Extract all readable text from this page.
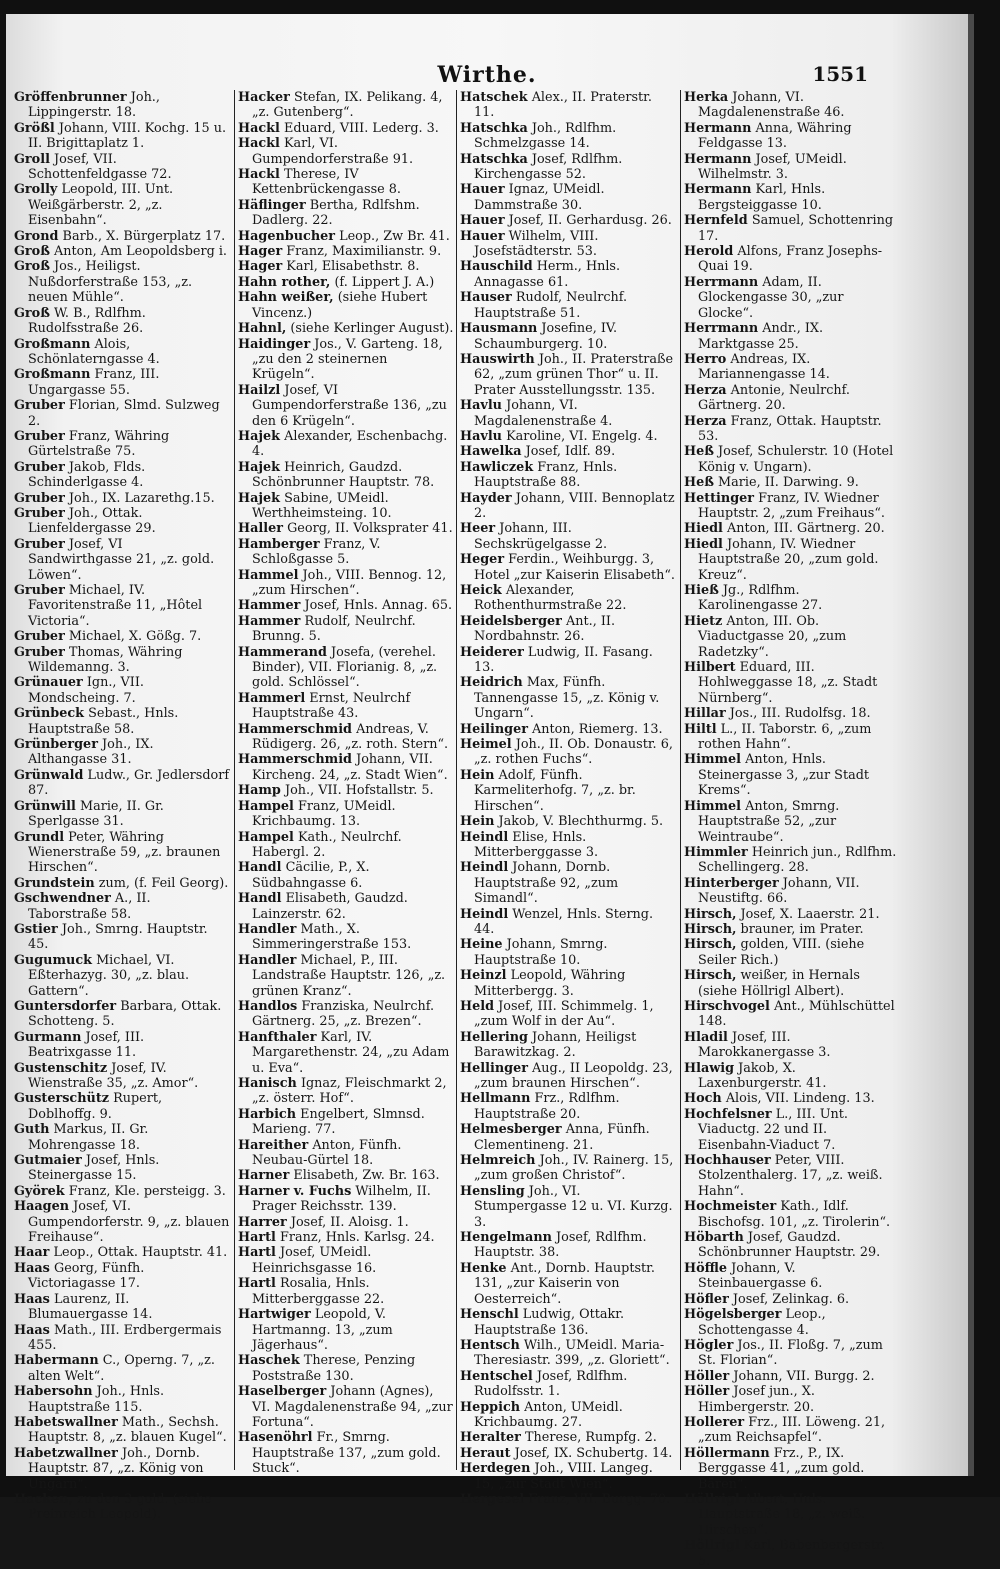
Wirthe.	1551

Gröffenbrunner Joh., Lippingerstr. 18.

Größl Johann, VIII. Kochg. 15 u. II. Brigittaplatz 1.

Groll Josef, VII. Schottenfeldgasse 72.

Grolly Leopold, III. Unt. Weißgärberstr. 2, „z. Eisenbahn“.

Grond Barb., X. Bürgerplatz 17.

Groß Anton, Am Leopoldsberg i.

Groß Jos., Heiligst. Nußdorferstraße 153, „z. neuen Mühle“.

Groß W. B., Rdlfhm. Rudolfsstraße 26.

Großmann Alois, Schönlaterngasse 4.

Großmann Franz, III. Ungargasse 55.

Gruber Florian, Slmd. Sulzweg 2.

Gruber Franz, Währing Gürtelstraße 75.

Gruber Jakob, Flds. Schinderlgasse 4.

Gruber Joh., IX. Lazarethg.15.

Gruber Joh., Ottak. Lienfeldergasse 29.

Gruber Josef, VI Sandwirthgasse 21, „z. gold. Löwen“.

Gruber Michael, IV. Favoritenstraße 11, „Hôtel Victoria“.

Gruber Michael, X. Gößg. 7.

Gruber Thomas, Währing Wildemanng. 3.

Grünauer Ign., VII. Mondscheing. 7.

Grünbeck Sebast., Hnls. Hauptstraße 58.

Grünberger Joh., IX. Althangasse 31.

Grünwald Ludw., Gr. Jedlersdorf 87.

Grünwill Marie, II. Gr. Sperlgasse 31.

Grundl Peter, Währing Wienerstraße 59, „z. braunen Hirschen“.

Grundstein zum, (f. Feil Georg).

Gschwendner A., II. Taborstraße 58.

Gstier Joh., Smrng. Hauptstr. 45.

Gugumuck Michael, VI. Eßterhazyg. 30, „z. blau. Gattern“.

Guntersdorfer Barbara, Ottak. Schotteng. 5.

Gurmann Josef, III. Beatrixgasse 11.

Gustenschitz Josef, IV. Wienstraße 35, „z. Amor“.

Gusterschütz Rupert, Doblhoffg. 9.

Guth Markus, II. Gr. Mohrengasse 18.

Gutmaier Josef, Hnls. Steinergasse 15.

Györek Franz, Kle. persteigg. 3.

Haagen Josef, VI. Gumpendorferstr. 9, „z. blauen Freihause“.

Haar Leop., Ottak. Hauptstr. 41.

Haas Georg, Fünfh. Victoriagasse 17.

Haas Laurenz, II. Blumauergasse 14.

Haas Math., III. Erdbergermais 455.

Habermann C., Operng. 7, „z. alten Welt“.

Habersohn Joh., Hnls. Hauptstraße 115.

Habetswallner Math., Sechsh. Hauptstr. 8, „z. blauen Kugel“.

Habetzwallner Joh., Dornb. Hauptstr. 87, „z. König von Ungarn“.

Hacken, zu den 3 gold. (siehe Preinreich Leopold).

Hacker Stefan, IX. Pelikang. 4, „z. Gutenberg“.

Hackl Eduard, VIII. Lederg. 3.

Hackl Karl, VI. Gumpendorferstraße 91.

Hackl Therese, IV Kettenbrückengasse 8.

Häflinger Bertha, Rdlfshm. Dadlerg. 22.

Hagenbucher Leop., Zw Br. 41.

Hager Franz, Maximilianstr. 9.

Hager Karl, Elisabethstr. 8.

Hahn rother, (f. Lippert J. A.)

Hahn weißer, (siehe Hubert Vincenz.)

Hahnl, (siehe Kerlinger August).

Haidinger Jos., V. Garteng. 18, „zu den 2 steinernen Krügeln“.

Hailzl Josef, VI Gumpendorferstraße 136, „zu den 6 Krügeln“.

Hajek Alexander, Eschenbachg. 4.

Hajek Heinrich, Gaudzd. Schönbrunner Hauptstr. 78.

Hajek Sabine, UMeidl. Werthheimsteing. 10.

Haller Georg, II. Volksprater 41.

Hamberger Franz, V. Schloßgasse 5.

Hammel Joh., VIII. Bennog. 12, „zum Hirschen“.

Hammer Josef, Hnls. Annag. 65.

Hammer Rudolf, Neulrchf. Brunng. 5.

Hammerand Josefa, (verehel. Binder), VII. Florianig. 8, „z. gold. Schlössel“.

Hammerl Ernst, Neulrchf Hauptstraße 43.

Hammerschmid Andreas, V. Rüdigerg. 26, „z. roth. Stern“.

Hammerschmid Johann, VII. Kircheng. 24, „z. Stadt Wien“.

Hamp Joh., VII. Hofstallstr. 5.

Hampel Franz, UMeidl. Krichbaumg. 13.

Hampel Kath., Neulrchf. Habergl. 2.

Handl Cäcilie, P., X. Südbahngasse 6.

Handl Elisabeth, Gaudzd. Lainzerstr. 62.

Handler Math., X. Simmeringerstraße 153.

Handler Michael, P., III. Landstraße Hauptstr. 126, „z. grünen Kranz“.

Handlos Franziska, Neulrchf. Gärtnerg. 25, „z. Brezen“.

Hanfthaler Karl, IV. Margarethenstr. 24, „zu Adam u. Eva“.

Hanisch Ignaz, Fleischmarkt 2, „z. österr. Hof“.

Harbich Engelbert, Slmnsd. Marieng. 77.

Hareither Anton, Fünfh. Neubau-Gürtel 18.

Harner Elisabeth, Zw. Br. 163.

Harner v. Fuchs Wilhelm, II. Prager Reichsstr. 139.

Harrer Josef, II. Aloisg. 1.

Hartl Franz, Hnls. Karlsg. 24.

Hartl Josef, UMeidl. Heinrichsgasse 16.

Hartl Rosalia, Hnls. Mitterberggasse 22.

Hartwiger Leopold, V. Hartmanng. 13, „zum Jägerhaus“.

Haschek Therese, Penzing Poststraße 130.

Haselberger Johann (Agnes), VI. Magdalenenstraße 94, „zur Fortuna“.

Hasenöhrl Fr., Smrng. Hauptstraße 137, „zum gold. Stuck“.

Hatschek Alex., II. Praterstr. 11.

Hatschka Joh., Rdlfhm. Schmelzgasse 14.

Hatschka Josef, Rdlfhm. Kirchengasse 52.

Hauer Ignaz, UMeidl. Dammstraße 30.

Hauer Josef, II. Gerhardusg. 26.

Hauer Wilhelm, VIII. Josefstädterstr. 53.

Hauschild Herm., Hnls. Annagasse 61.

Hauser Rudolf, Neulrchf. Hauptstraße 51.

Hausmann Josefine, IV. Schaumburgerg. 10.

Hauswirth Joh., II. Praterstraße 62, „zum grünen Thor“ u. II. Prater Ausstellungsstr. 135.

Havlu Johann, VI. Magdalenenstraße 4.

Havlu Karoline, VI. Engelg. 4.

Hawelka Josef, Idlf. 89.

Hawliczek Franz, Hnls. Hauptstraße 88.

Hayder Johann, VIII. Bennoplatz 2.

Heer Johann, III. Sechskrügelgasse 2.

Heger Ferdin., Weihburgg. 3, Hotel „zur Kaiserin Elisabeth“.

Heick Alexander, Rothenthurmstraße 22.

Heidelsberger Ant., II. Nordbahnstr. 26.

Heiderer Ludwig, II. Fasang. 13.

Heidrich Max, Fünfh. Tannengasse 15, „z. König v. Ungarn“.

Heilinger Anton, Riemerg. 13.

Heimel Joh., II. Ob. Donaustr. 6, „z. rothen Fuchs“.

Hein Adolf, Fünfh. Karmeliterhofg. 7, „z. br. Hirschen“.

Hein Jakob, V. Blechthurmg. 5.

Heindl Elise, Hnls. Mitterberggasse 3.

Heindl Johann, Dornb. Hauptstraße 92, „zum Simandl“.

Heindl Wenzel, Hnls. Sterng. 44.

Heine Johann, Smrng. Hauptstraße 10.

Heinzl Leopold, Währing Mitterbergg. 3.

Held Josef, III. Schimmelg. 1, „zum Wolf in der Au“.

Hellering Johann, Heiligst Barawitzkag. 2.

Hellinger Aug., II Leopoldg. 23, „zum braunen Hirschen“.

Hellmann Frz., Rdlfhm. Hauptstraße 20.

Helmesberger Anna, Fünfh. Clementineng. 21.

Helmreich Joh., IV. Rainerg. 15, „zum großen Christof“.

Hensling Joh., VI. Stumpergasse 12 u. VI. Kurzg. 3.

Hengelmann Josef, Rdlfhm. Hauptstr. 38.

Henke Ant., Dornb. Hauptstr. 131, „zur Kaiserin von Oesterreich“.

Henschl Ludwig, Ottakr. Hauptstraße 136.

Hentsch Wilh., UMeidl. Maria-Theresiastr. 399, „z. Gloriett“.

Hentschel Josef, Rdlfhm. Rudolfsstr. 1.

Heppich Anton, UMeidl. Krichbaumg. 27.

Heralter Therese, Rumpfg. 2.

Heraut Josef, IX. Schubertg. 14.

Herdegen Joh., VIII. Langeg. 15, „zur Stadt Wien“.

Hergesel Franz, VII. Burgg. 70.

Herka Johann, VI. Magdalenenstraße 46.

Hermann Anna, Währing Feldgasse 13.

Hermann Josef, UMeidl. Wilhelmstr. 3.

Hermann Karl, Hnls. Bergsteiggasse 10.

Hernfeld Samuel, Schottenring 17.

Herold Alfons, Franz Josephs-Quai 19.

Herrmann Adam, II. Glockengasse 30, „zur Glocke“.

Herrmann Andr., IX. Marktgasse 25.

Herro Andreas, IX. Mariannengasse 14.

Herza Antonie, Neulrchf. Gärtnerg. 20.

Herza Franz, Ottak. Hauptstr. 53.

Heß Josef, Schulerstr. 10 (Hotel König v. Ungarn).

Heß Marie, II. Darwing. 9.

Hettinger Franz, IV. Wiedner Hauptstr. 2, „zum Freihaus“.

Hiedl Anton, III. Gärtnerg. 20.

Hiedl Johann, IV. Wiedner Hauptstraße 20, „zum gold. Kreuz“.

Hieß Jg., Rdlfhm. Karolinengasse 27.

Hietz Anton, III. Ob. Viaductgasse 20, „zum Radetzky“.

Hilbert Eduard, III. Hohlweggasse 18, „z. Stadt Nürnberg“.

Hillar Jos., III. Rudolfsg. 18.

Hiltl L., II. Taborstr. 6, „zum rothen Hahn“.

Himmel Anton, Hnls. Steinergasse 3, „zur Stadt Krems“.

Himmel Anton, Smrng. Hauptstraße 52, „zur Weintraube“.

Himmler Heinrich jun., Rdlfhm. Schellingerg. 28.

Hinterberger Johann, VII. Neustiftg. 66.

Hirsch, Josef, X. Laaerstr. 21.

Hirsch, brauner, im Prater.

Hirsch, golden, VIII. (siehe Seiler Rich.)

Hirsch, weißer, in Hernals (siehe Höllrigl Albert).

Hirschvogel Ant., Mühlschüttel 148.

Hladil Josef, III. Marokkanergasse 3.

Hlawig Jakob, X. Laxenburgerstr. 41.

Hoch Alois, VII. Lindeng. 13.

Hochfelsner L., III. Unt. Viaductg. 22 und II. Eisenbahn-Viaduct 7.

Hochhauser Peter, VIII. Stolzenthalerg. 17, „z. weiß. Hahn“.

Hochmeister Kath., Idlf. Bischofsg. 101, „z. Tirolerin“.

Höbarth Josef, Gaudzd. Schönbrunner Hauptstr. 29.

Höffle Johann, V. Steinbauergasse 6.

Höfler Josef, Zelinkag. 6.

Högelsberger Leop., Schottengasse 4.

Högler Jos., II. Floßg. 7, „zum St. Florian“.

Höller Johann, VII. Burgg. 2.

Höller Josef jun., X. Himbergerstr. 20.

Hollerer Frz., III. Löweng. 21, „zum Reichsapfel“.

Höllermann Frz., P., IX. Berggasse 41, „zum gold. Bären“.

Höllrigl Albert, Hnls. Hauptstraße 18, „z. weiß. Hirschen“.

Höllrigl Karl, Babenbergerstr. 5.
